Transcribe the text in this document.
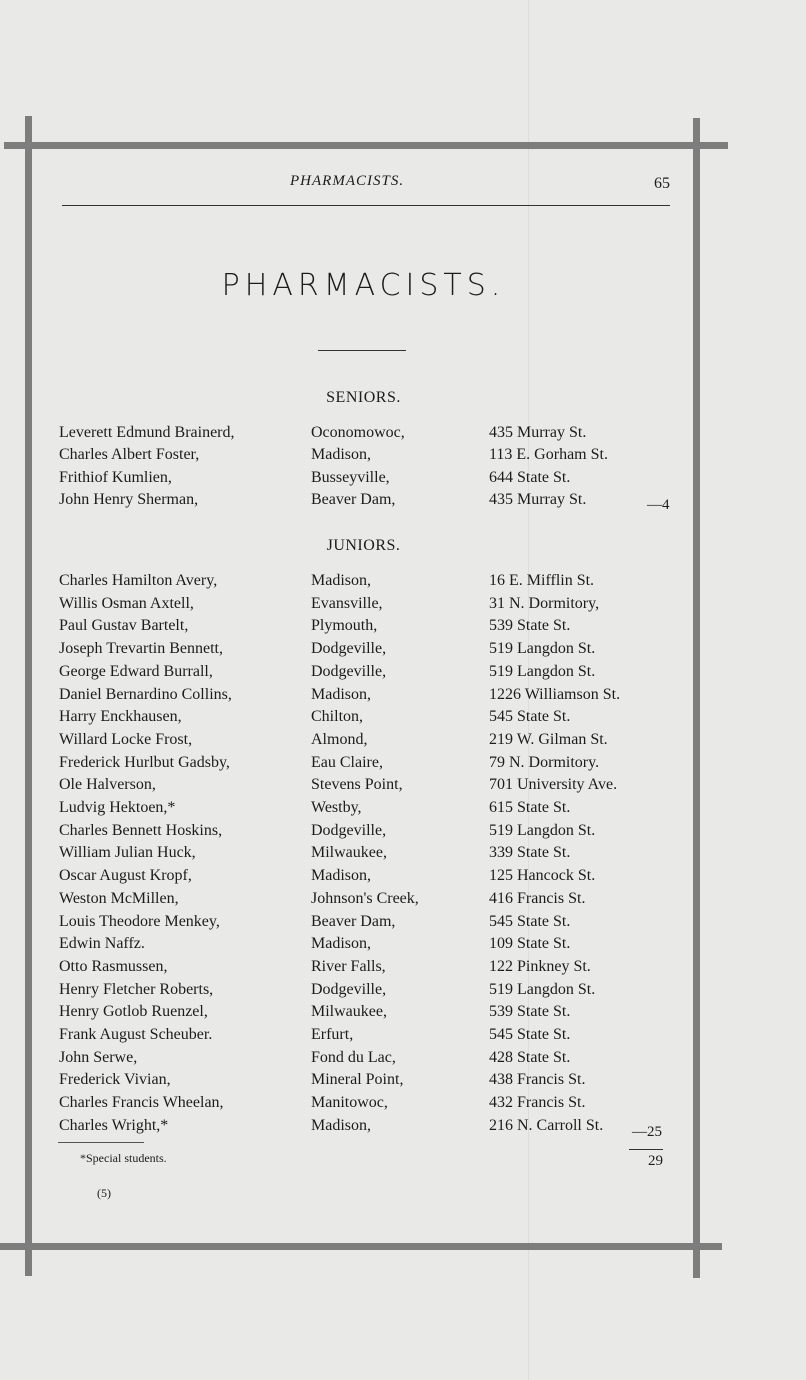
PHARMACISTS.	65
PHARMACISTS.
SENIORS.
JUNIORS.
Leverett Edmund Brainerd,	Oconomowoc,	435 Murray St.
Charles Albert Foster,	Madison,	113 E. Gorham St.
Frithiof Kumlien,	Busseyville,	644 State St.
John Henry Sherman,	Beaver Dam,	435 Murray St.
Charles Hamilton Avery,	Madison,	16 E. Mifflin St.
Willis Osman Axtell,	Evansville,	31 N. Dormitory,
Paul Gustav Bartelt,	Plymouth,	539 State St.
Joseph Trevartin Bennett,	Dodgeville,	519 Langdon St.
George Edward Burrall,	Dodgeville,	519 Langdon St.
Daniel Bernardino Collins,	Madison,	1226 Williamson St.
Harry Enckhausen,	Chilton,	545 State St.
Willard Locke Frost,	Almond,	219 W. Gilman St.
Frederick Hurlbut Gadsby,	Eau Claire,	79 N. Dormitory.
Ole Halverson,	Stevens Point,	701 University Ave.
Ludvig Hektoen,*	Westby,	615 State St.
Charles Bennett Hoskins,	Dodgeville,	519 Langdon St.
William Julian Huck,	Milwaukee,	339 State St.
Oscar August Kropf,	Madison,	125 Hancock St.
Weston McMillen,	Johnson's Creek,	416 Francis St.
Louis Theodore Menkey,	Beaver Dam,	545 State St.
Edwin Naffz.	Madison,	109 State St.
Otto Rasmussen,	River Falls,	122 Pinkney St.
Henry Fletcher Roberts,	Dodgeville,	519 Langdon St.
Henry Gotlob Ruenzel,	Milwaukee,	539 State St.
Frank August Scheuber.	Erfurt,	545 State St.
John Serwe,	Fond du Lac,	428 State St.
Frederick Vivian,	Mineral Point,	438 Francis St.
Charles Francis Wheelan,	Manitowoc,	432 Francis St.
Charles Wright,*	Madison,	216 N. Carroll St.
—4
—25
29
*Special students.
(5)
